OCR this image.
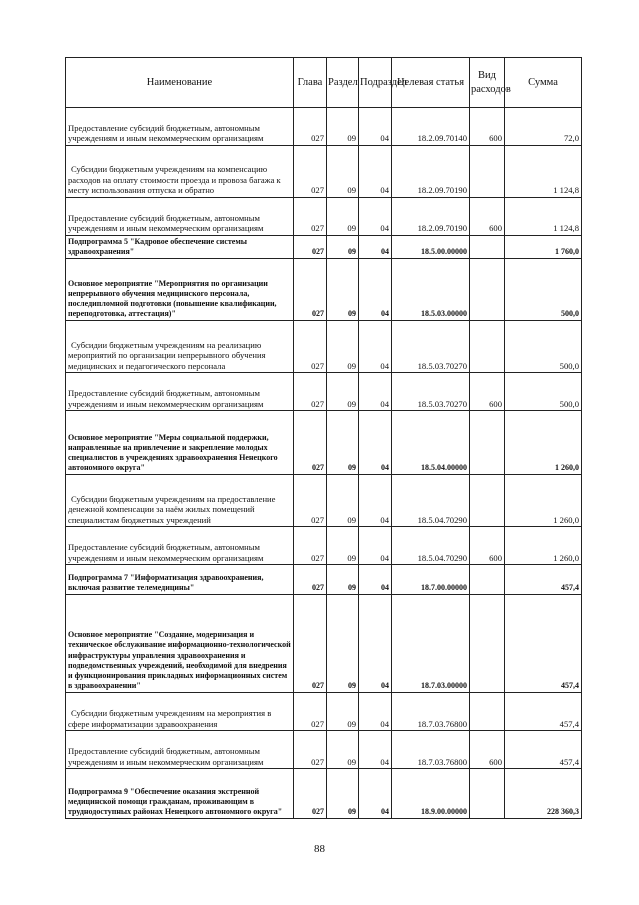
Наименование	Глава	Раздел	Подраздел	Целевая статья	Вид расходов	Сумма
Предоставление субсидий бюджетным, автономным учреждениям и иным некоммерческим организациям	027	09	04	18.2.09.70140	600	72,0
Субсидии бюджетным учреждениям на компенсацию расходов на оплату стоимости проезда и провоза багажа к месту использования отпуска и обратно	027	09	04	18.2.09.70190		1 124,8
Предоставление субсидий бюджетным, автономным учреждениям и иным некоммерческим организациям	027	09	04	18.2.09.70190	600	1 124,8
Подпрограмма 5 "Кадровое обеспечение системы здравоохранения"	027	09	04	18.5.00.00000		1 760,0
Основное мероприятие "Мероприятия по организации непрерывного обучения медицинского персонала, последипломной подготовки (повышение квалификации, переподготовка, аттестация)"	027	09	04	18.5.03.00000		500,0
Субсидии бюджетным учреждениям на реализацию мероприятий по организации непрерывного обучения медицинских и педагогического персонала	027	09	04	18.5.03.70270		500,0
Предоставление субсидий бюджетным, автономным учреждениям и иным некоммерческим организациям	027	09	04	18.5.03.70270	600	500,0
Основное мероприятие "Меры социальной поддержки, направленные на привлечение и закрепление молодых специалистов в учреждениях здравоохранения Ненецкого автономного округа"	027	09	04	18.5.04.00000		1 260,0
Субсидии бюджетным учреждениям на предоставление денежной компенсации за наём жилых помещений специалистам бюджетных учреждений	027	09	04	18.5.04.70290		1 260,0
Предоставление субсидий бюджетным, автономным учреждениям и иным некоммерческим организациям	027	09	04	18.5.04.70290	600	1 260,0
Подпрограмма 7 "Информатизация здравоохранения, включая развитие телемедицины"	027	09	04	18.7.00.00000		457,4
Основное мероприятие "Создание, модернизация и техническое обслуживание информационно-технологической инфраструктуры управления здравоохранения и подведомственных учреждений, необходимой для внедрения и функционирования прикладных информационных систем в здравоохранении"	027	09	04	18.7.03.00000		457,4
Субсидии бюджетным учреждениям на мероприятия в сфере информатизации здравоохранения	027	09	04	18.7.03.76800		457,4
Предоставление субсидий бюджетным, автономным учреждениям и иным некоммерческим организациям	027	09	04	18.7.03.76800	600	457,4
Подпрограмма 9 "Обеспечение оказания экстренной медицинской помощи гражданам, проживающим в труднодоступных районах Ненецкого автономного округа"	027	09	04	18.9.00.00000		228 360,3
88
